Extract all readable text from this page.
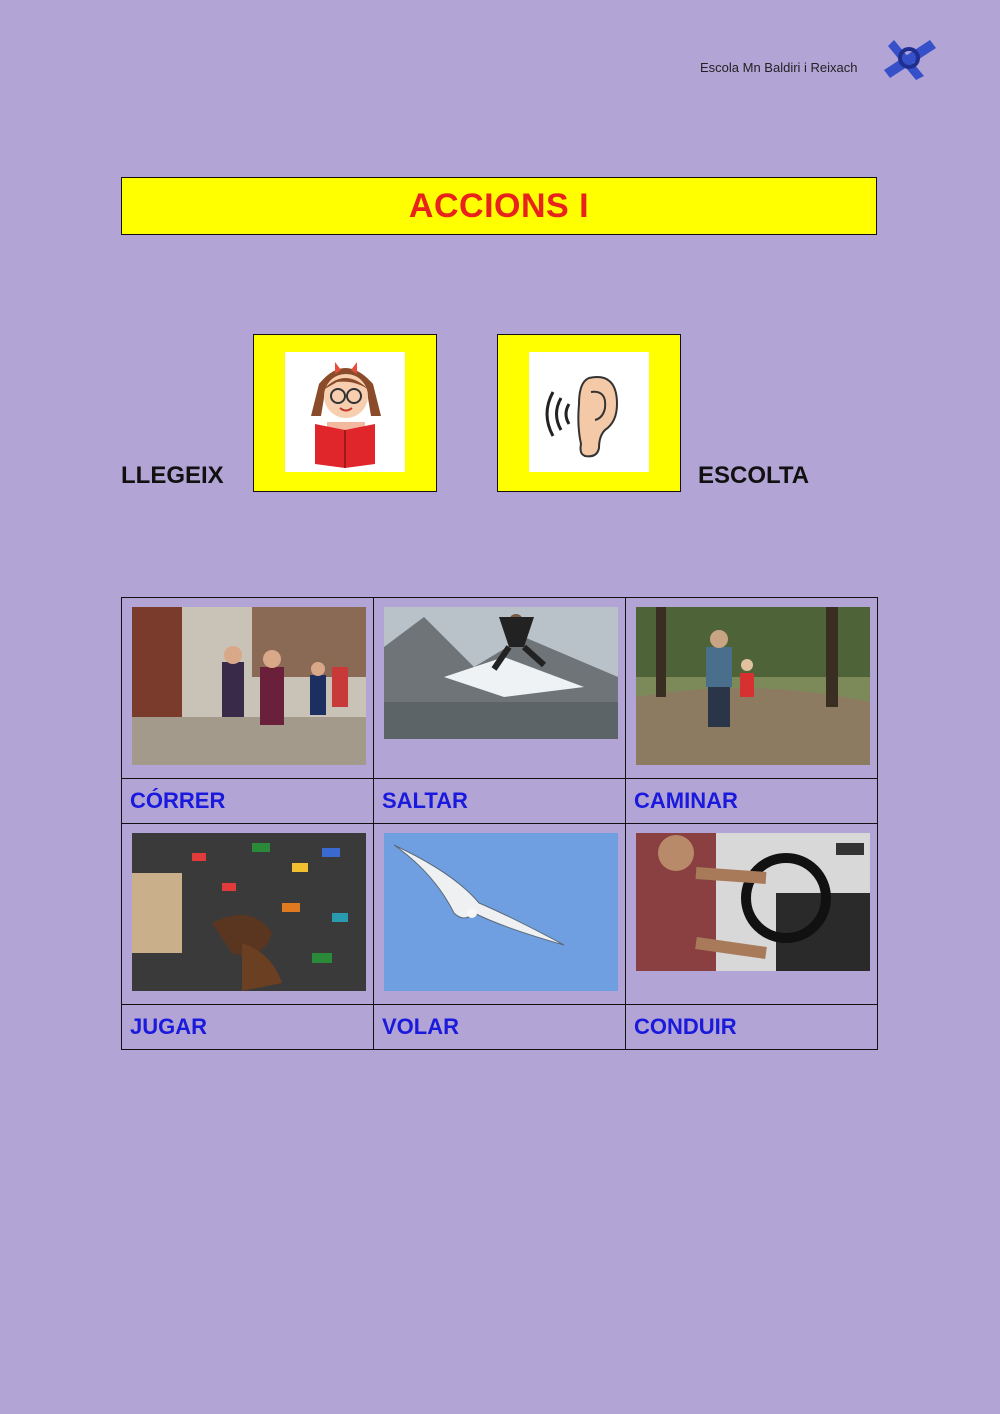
Escola Mn Baldiri i Reixach
ACCIONS I
LLEGEIX	ESCOLTA

CÓRRER	SALTAR	CAMINAR

JUGAR	VOLAR	CONDUIR
